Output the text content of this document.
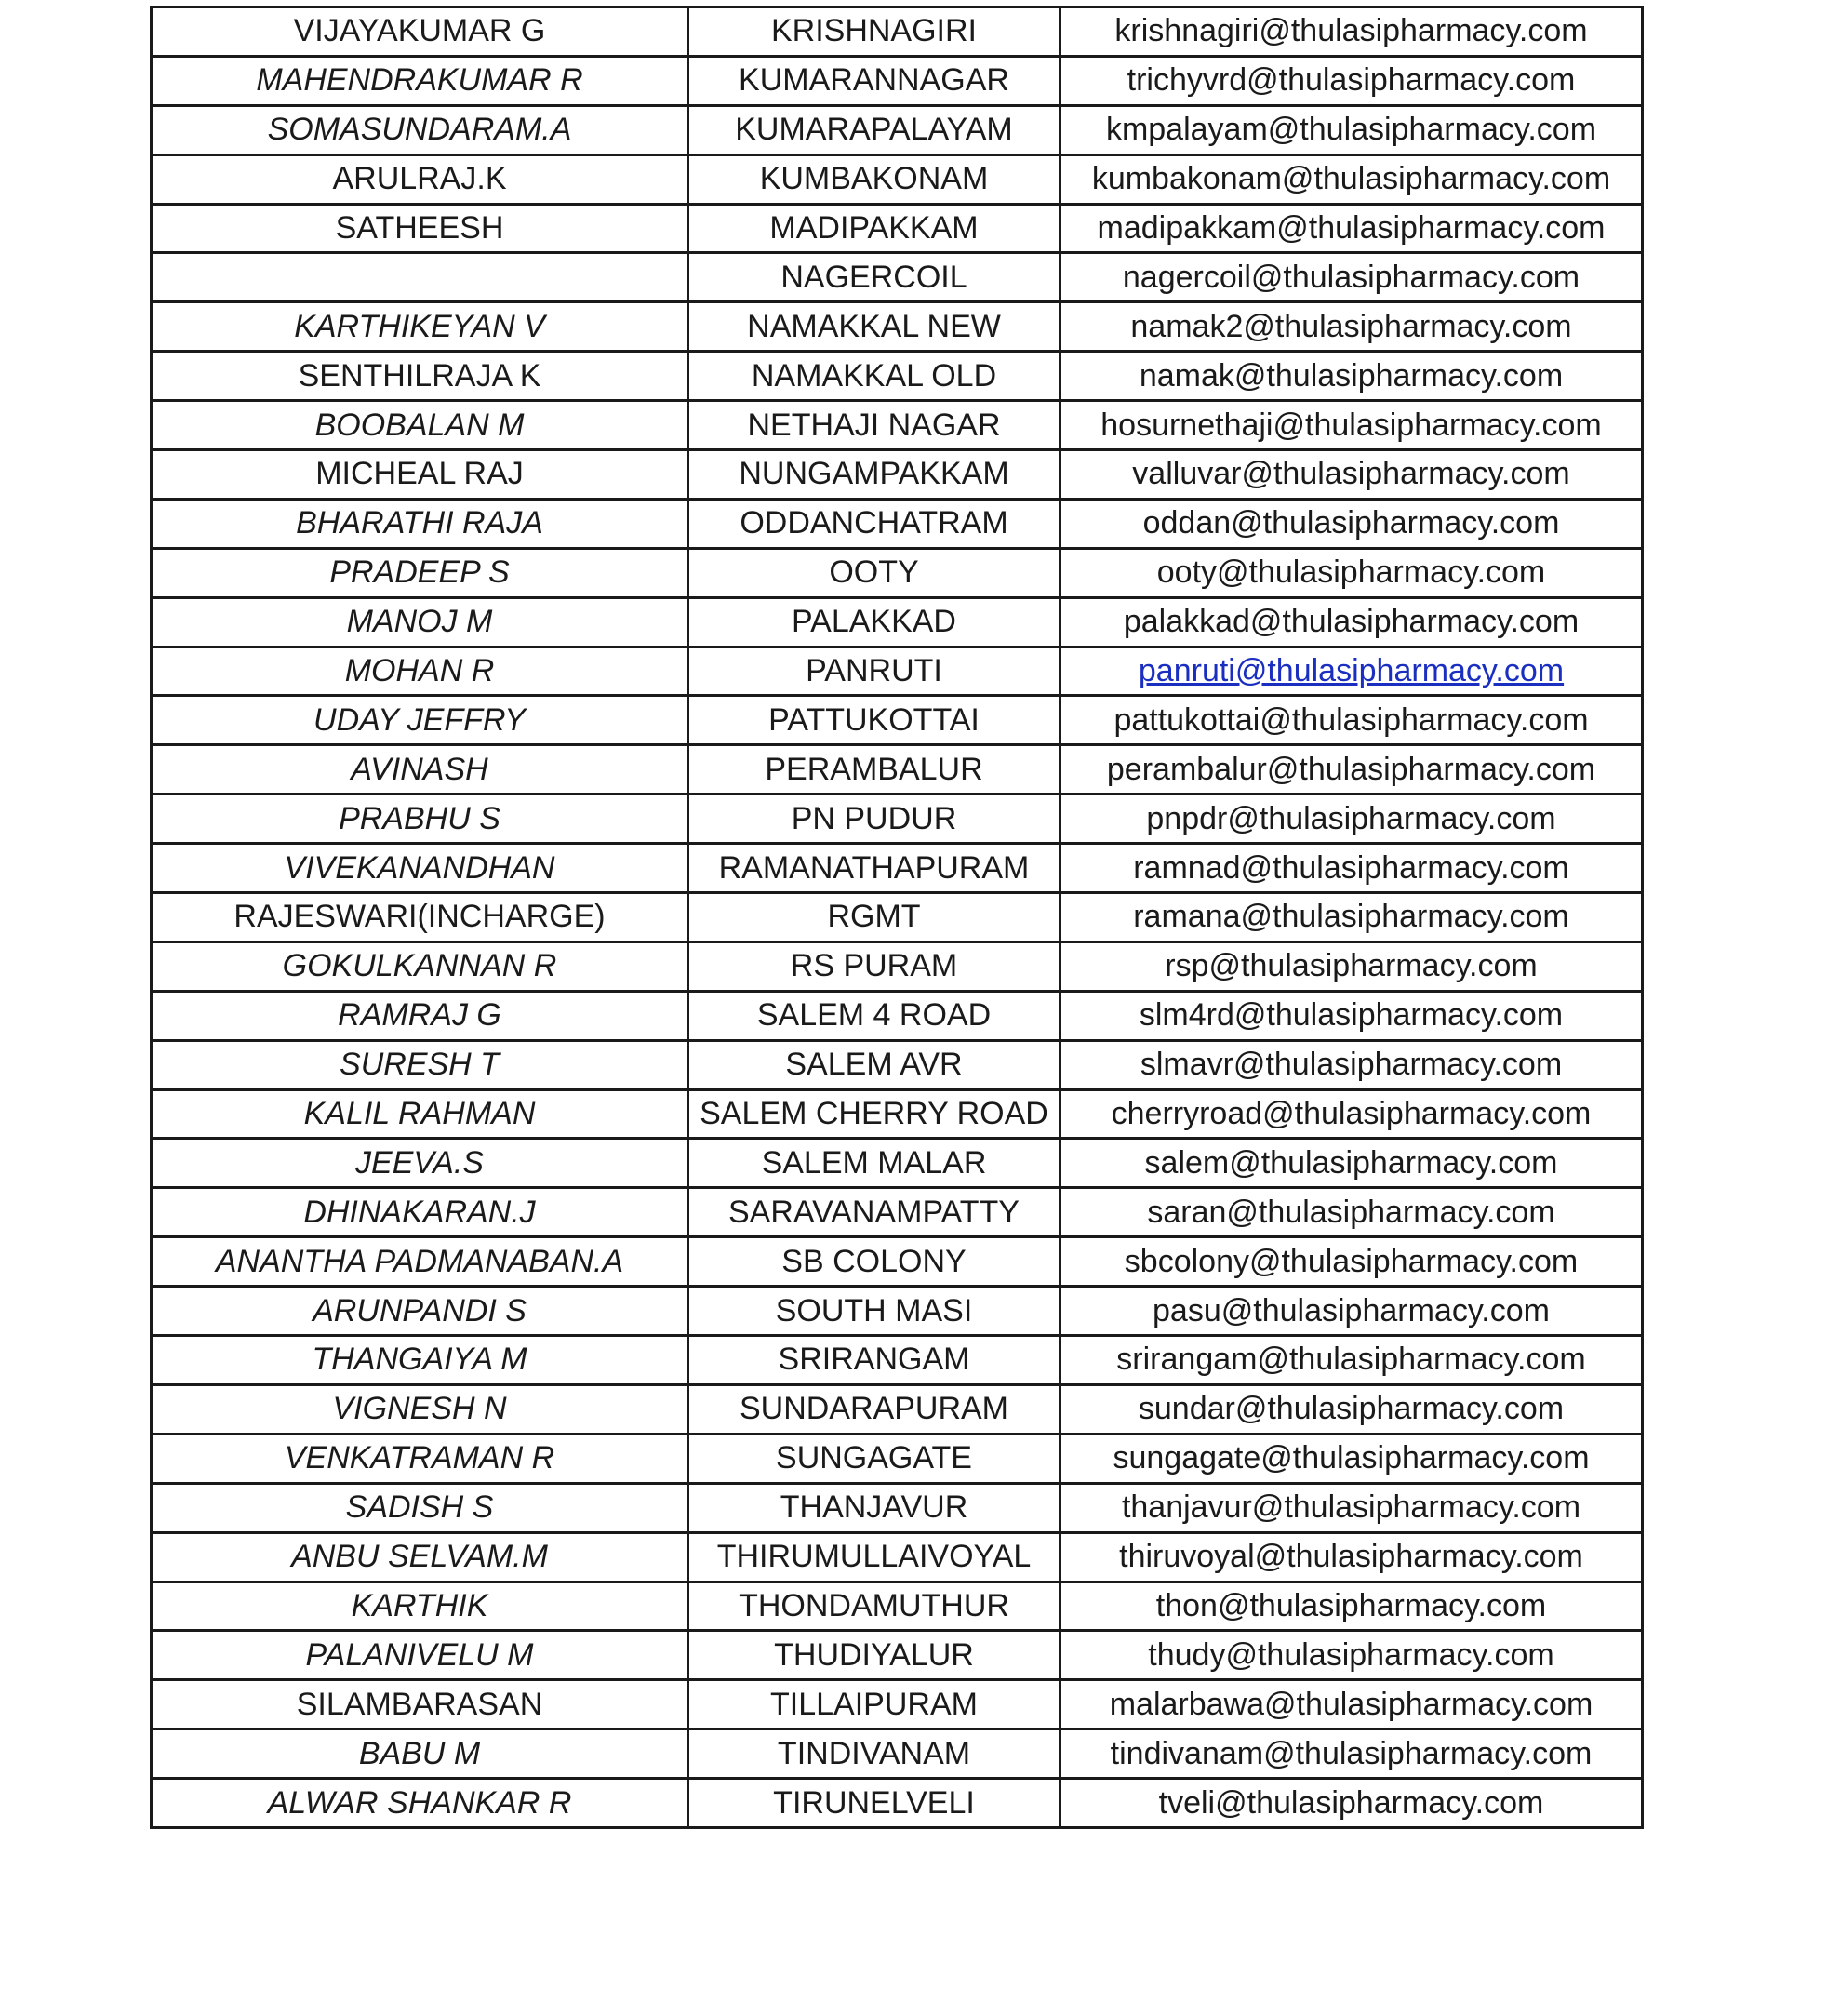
VIJAYAKUMAR G	KRISHNAGIRI	krishnagiri@thulasipharmacy.com
MAHENDRAKUMAR R	KUMARANNAGAR	trichyvrd@thulasipharmacy.com
SOMASUNDARAM.A	KUMARAPALAYAM	kmpalayam@thulasipharmacy.com
ARULRAJ.K	KUMBAKONAM	kumbakonam@thulasipharmacy.com
SATHEESH	MADIPAKKAM	madipakkam@thulasipharmacy.com
	NAGERCOIL	nagercoil@thulasipharmacy.com
KARTHIKEYAN V	NAMAKKAL NEW	namak2@thulasipharmacy.com
SENTHILRAJA K	NAMAKKAL OLD	namak@thulasipharmacy.com
BOOBALAN M	NETHAJI NAGAR	hosurnethaji@thulasipharmacy.com
MICHEAL RAJ	NUNGAMPAKKAM	valluvar@thulasipharmacy.com
BHARATHI RAJA	ODDANCHATRAM	oddan@thulasipharmacy.com
PRADEEP S	OOTY	ooty@thulasipharmacy.com
MANOJ M	PALAKKAD	palakkad@thulasipharmacy.com
MOHAN R	PANRUTI	panruti@thulasipharmacy.com
UDAY JEFFRY	PATTUKOTTAI	pattukottai@thulasipharmacy.com
AVINASH	PERAMBALUR	perambalur@thulasipharmacy.com
PRABHU S	PN PUDUR	pnpdr@thulasipharmacy.com
VIVEKANANDHAN	RAMANATHAPURAM	ramnad@thulasipharmacy.com
RAJESWARI(INCHARGE)	RGMT	ramana@thulasipharmacy.com
GOKULKANNAN R	RS PURAM	rsp@thulasipharmacy.com
RAMRAJ G	SALEM 4 ROAD	slm4rd@thulasipharmacy.com
SURESH T	SALEM AVR	slmavr@thulasipharmacy.com
KALIL RAHMAN	SALEM CHERRY ROAD	cherryroad@thulasipharmacy.com
JEEVA.S	SALEM MALAR	salem@thulasipharmacy.com
DHINAKARAN.J	SARAVANAMPATTY	saran@thulasipharmacy.com
ANANTHA PADMANABAN.A	SB COLONY	sbcolony@thulasipharmacy.com
ARUNPANDI S	SOUTH MASI	pasu@thulasipharmacy.com
THANGAIYA M	SRIRANGAM	srirangam@thulasipharmacy.com
VIGNESH N	SUNDARAPURAM	sundar@thulasipharmacy.com
VENKATRAMAN R	SUNGAGATE	sungagate@thulasipharmacy.com
SADISH S	THANJAVUR	thanjavur@thulasipharmacy.com
ANBU SELVAM.M	THIRUMULLAIVOYAL	thiruvoyal@thulasipharmacy.com
KARTHIK	THONDAMUTHUR	thon@thulasipharmacy.com
PALANIVELU M	THUDIYALUR	thudy@thulasipharmacy.com
SILAMBARASAN	TILLAIPURAM	malarbawa@thulasipharmacy.com
BABU M	TINDIVANAM	tindivanam@thulasipharmacy.com
ALWAR SHANKAR R	TIRUNELVELI	tveli@thulasipharmacy.com
